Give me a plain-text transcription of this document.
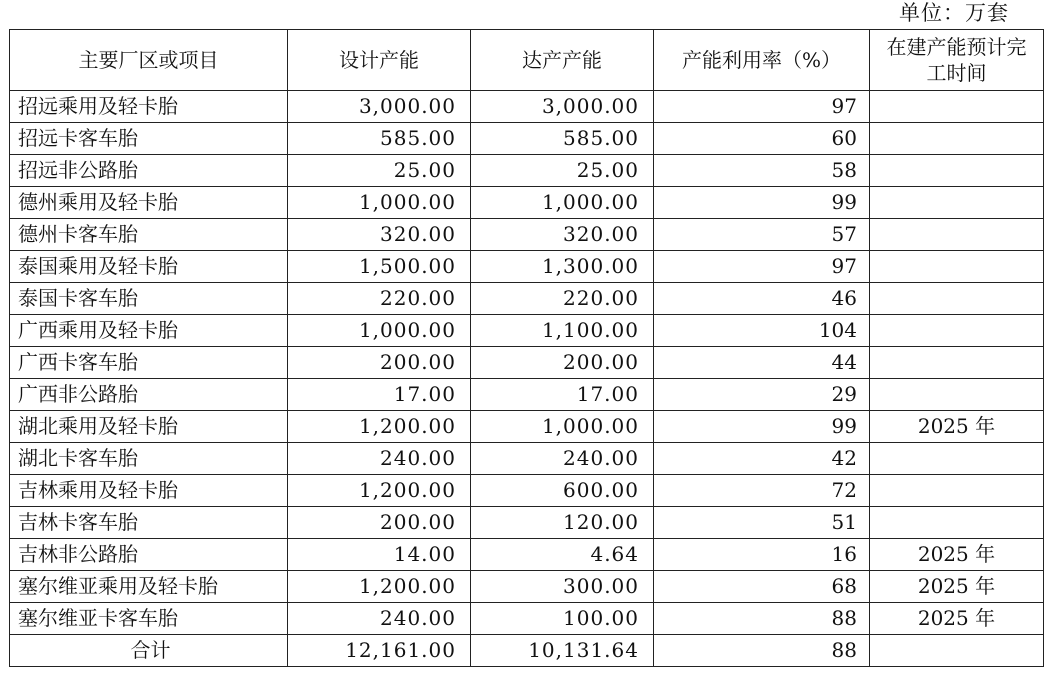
单位：万套
主要厂区或项目	设计产能	达产产能	产能利用率（%）	在建产能预计完工时间
招远乘用及轻卡胎	3,000.00	3,000.00	97	
招远卡客车胎	585.00	585.00	60	
招远非公路胎	25.00	25.00	58	
德州乘用及轻卡胎	1,000.00	1,000.00	99	
德州卡客车胎	320.00	320.00	57	
泰国乘用及轻卡胎	1,500.00	1,300.00	97	
泰国卡客车胎	220.00	220.00	46	
广西乘用及轻卡胎	1,000.00	1,100.00	104	
广西卡客车胎	200.00	200.00	44	
广西非公路胎	17.00	17.00	29	
湖北乘用及轻卡胎	1,200.00	1,000.00	99	2025 年
湖北卡客车胎	240.00	240.00	42	
吉林乘用及轻卡胎	1,200.00	600.00	72	
吉林卡客车胎	200.00	120.00	51	
吉林非公路胎	14.00	4.64	16	2025 年
塞尔维亚乘用及轻卡胎	1,200.00	300.00	68	2025 年
塞尔维亚卡客车胎	240.00	100.00	88	2025 年
合计	12,161.00	10,131.64	88	
